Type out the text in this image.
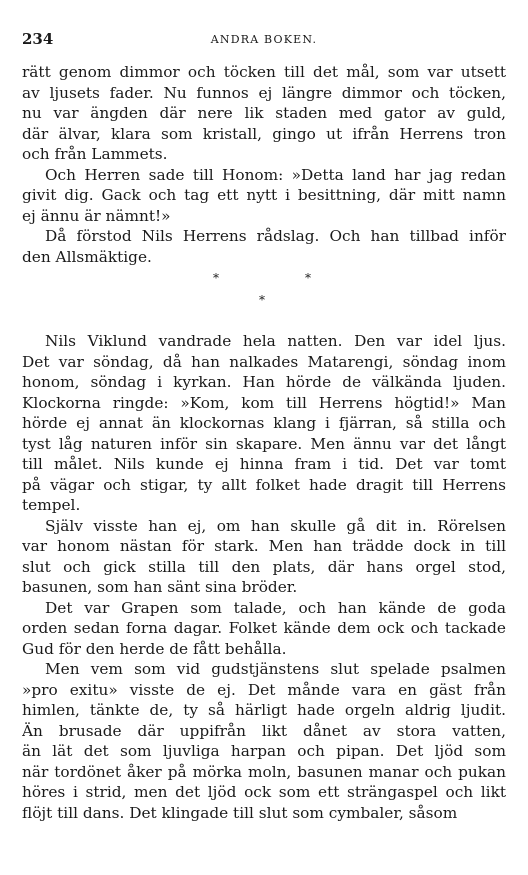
234	ANDRA BOKEN.
rätt genom dimmor och töcken till det mål, som var utsett
av ljusets fader. Nu funnos ej längre dimmor och töcken,
nu var ängden där nere lik staden med gator av guld,
där älvar, klara som kristall, gingo ut ifrån Herrens tron
och från Lammets.
Och Herren sade till Honom: »Detta land har jag redan
givit dig. Gack och tag ett nytt i besittning, där mitt namn
ej ännu är nämnt!»
Då förstod Nils Herrens rådslag. Och han tillbad inför
den Allsmäktige.
*	*
*
Nils Viklund vandrade hela natten. Den var idel ljus.
Det var söndag, då han nalkades Matarengi, söndag inom
honom, söndag i kyrkan. Han hörde de välkända ljuden.
Klockorna ringde: »Kom, kom till Herrens högtid!» Man
hörde ej annat än klockornas klang i fjärran, så stilla och
tyst låg naturen inför sin skapare. Men ännu var det långt
till målet. Nils kunde ej hinna fram i tid. Det var tomt
på vägar och stigar, ty allt folket hade dragit till Herrens
tempel.
Själv visste han ej, om han skulle gå dit in. Rörelsen
var honom nästan för stark. Men han trädde dock in till
slut och gick stilla till den plats, där hans orgel stod,
basunen, som han sänt sina bröder.
Det var Grapen som talade, och han kände de goda
orden sedan forna dagar. Folket kände dem ock och tackade
Gud för den herde de fått behålla.
Men vem som vid gudstjänstens slut spelade psalmen
»pro exitu» visste de ej. Det månde vara en gäst från
himlen, tänkte de, ty så härligt hade orgeln aldrig ljudit.
Än brusade där uppifrån likt dånet av stora vatten,
än lät det som ljuvliga harpan och pipan. Det ljöd som
när tordönet åker på mörka moln, basunen manar och pukan
höres i strid, men det ljöd ock som ett strängaspel och likt
flöjt till dans. Det klingade till slut som cymbaler, såsom
